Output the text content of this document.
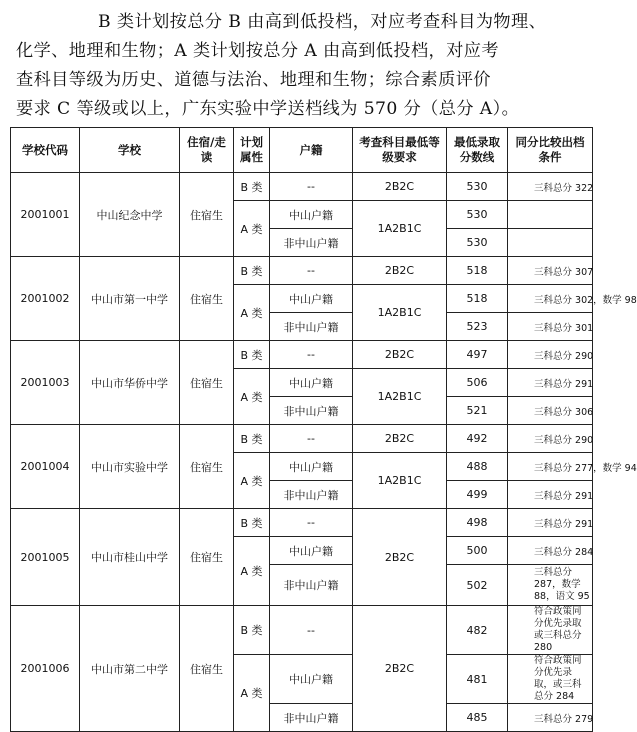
B 类计划按总分 B 由高到低投档，对应考查科目为物理、
化学、地理和生物；A 类计划按总分 A 由高到低投档，对应考
查科目等级为历史、道德与法治、地理和生物；综合素质评价
要求 C 等级或以上，广东实验中学送档线为 570 分（总分 A）。
学校代码	学校	住宿/走读	计划属性	户籍	考查科目最低等级要求	最低录取分数线	同分比较出档条件
2001001	中山纪念中学	住宿生	B 类	--	2B2C	530	三科总分 322
			A 类	中山户籍	1A2B1C	530	
				非中山户籍		530	
2001002	中山市第一中学	住宿生	B 类	--	2B2C	518	三科总分 307
			A 类	中山户籍	1A2B1C	518	三科总分 302，数学 98
				非中山户籍		523	三科总分 301
2001003	中山市华侨中学	住宿生	B 类	--	2B2C	497	三科总分 290
			A 类	中山户籍	1A2B1C	506	三科总分 291
				非中山户籍		521	三科总分 306
2001004	中山市实验中学	住宿生	B 类	--	2B2C	492	三科总分 290
			A 类	中山户籍	1A2B1C	488	三科总分 277，数学 94
				非中山户籍		499	三科总分 291
2001005	中山市桂山中学	住宿生	B 类	--	2B2C	498	三科总分 291
			A 类	中山户籍		500	三科总分 284
				非中山户籍		502	三科总分 287，数学 88，语文 95
2001006	中山市第二中学	住宿生	B 类	--	2B2C	482	符合政策同分优先录取或三科总分 280
			A 类	中山户籍		481	符合政策同分优先录取，或三科总分 284
				非中山户籍		485	三科总分 279
